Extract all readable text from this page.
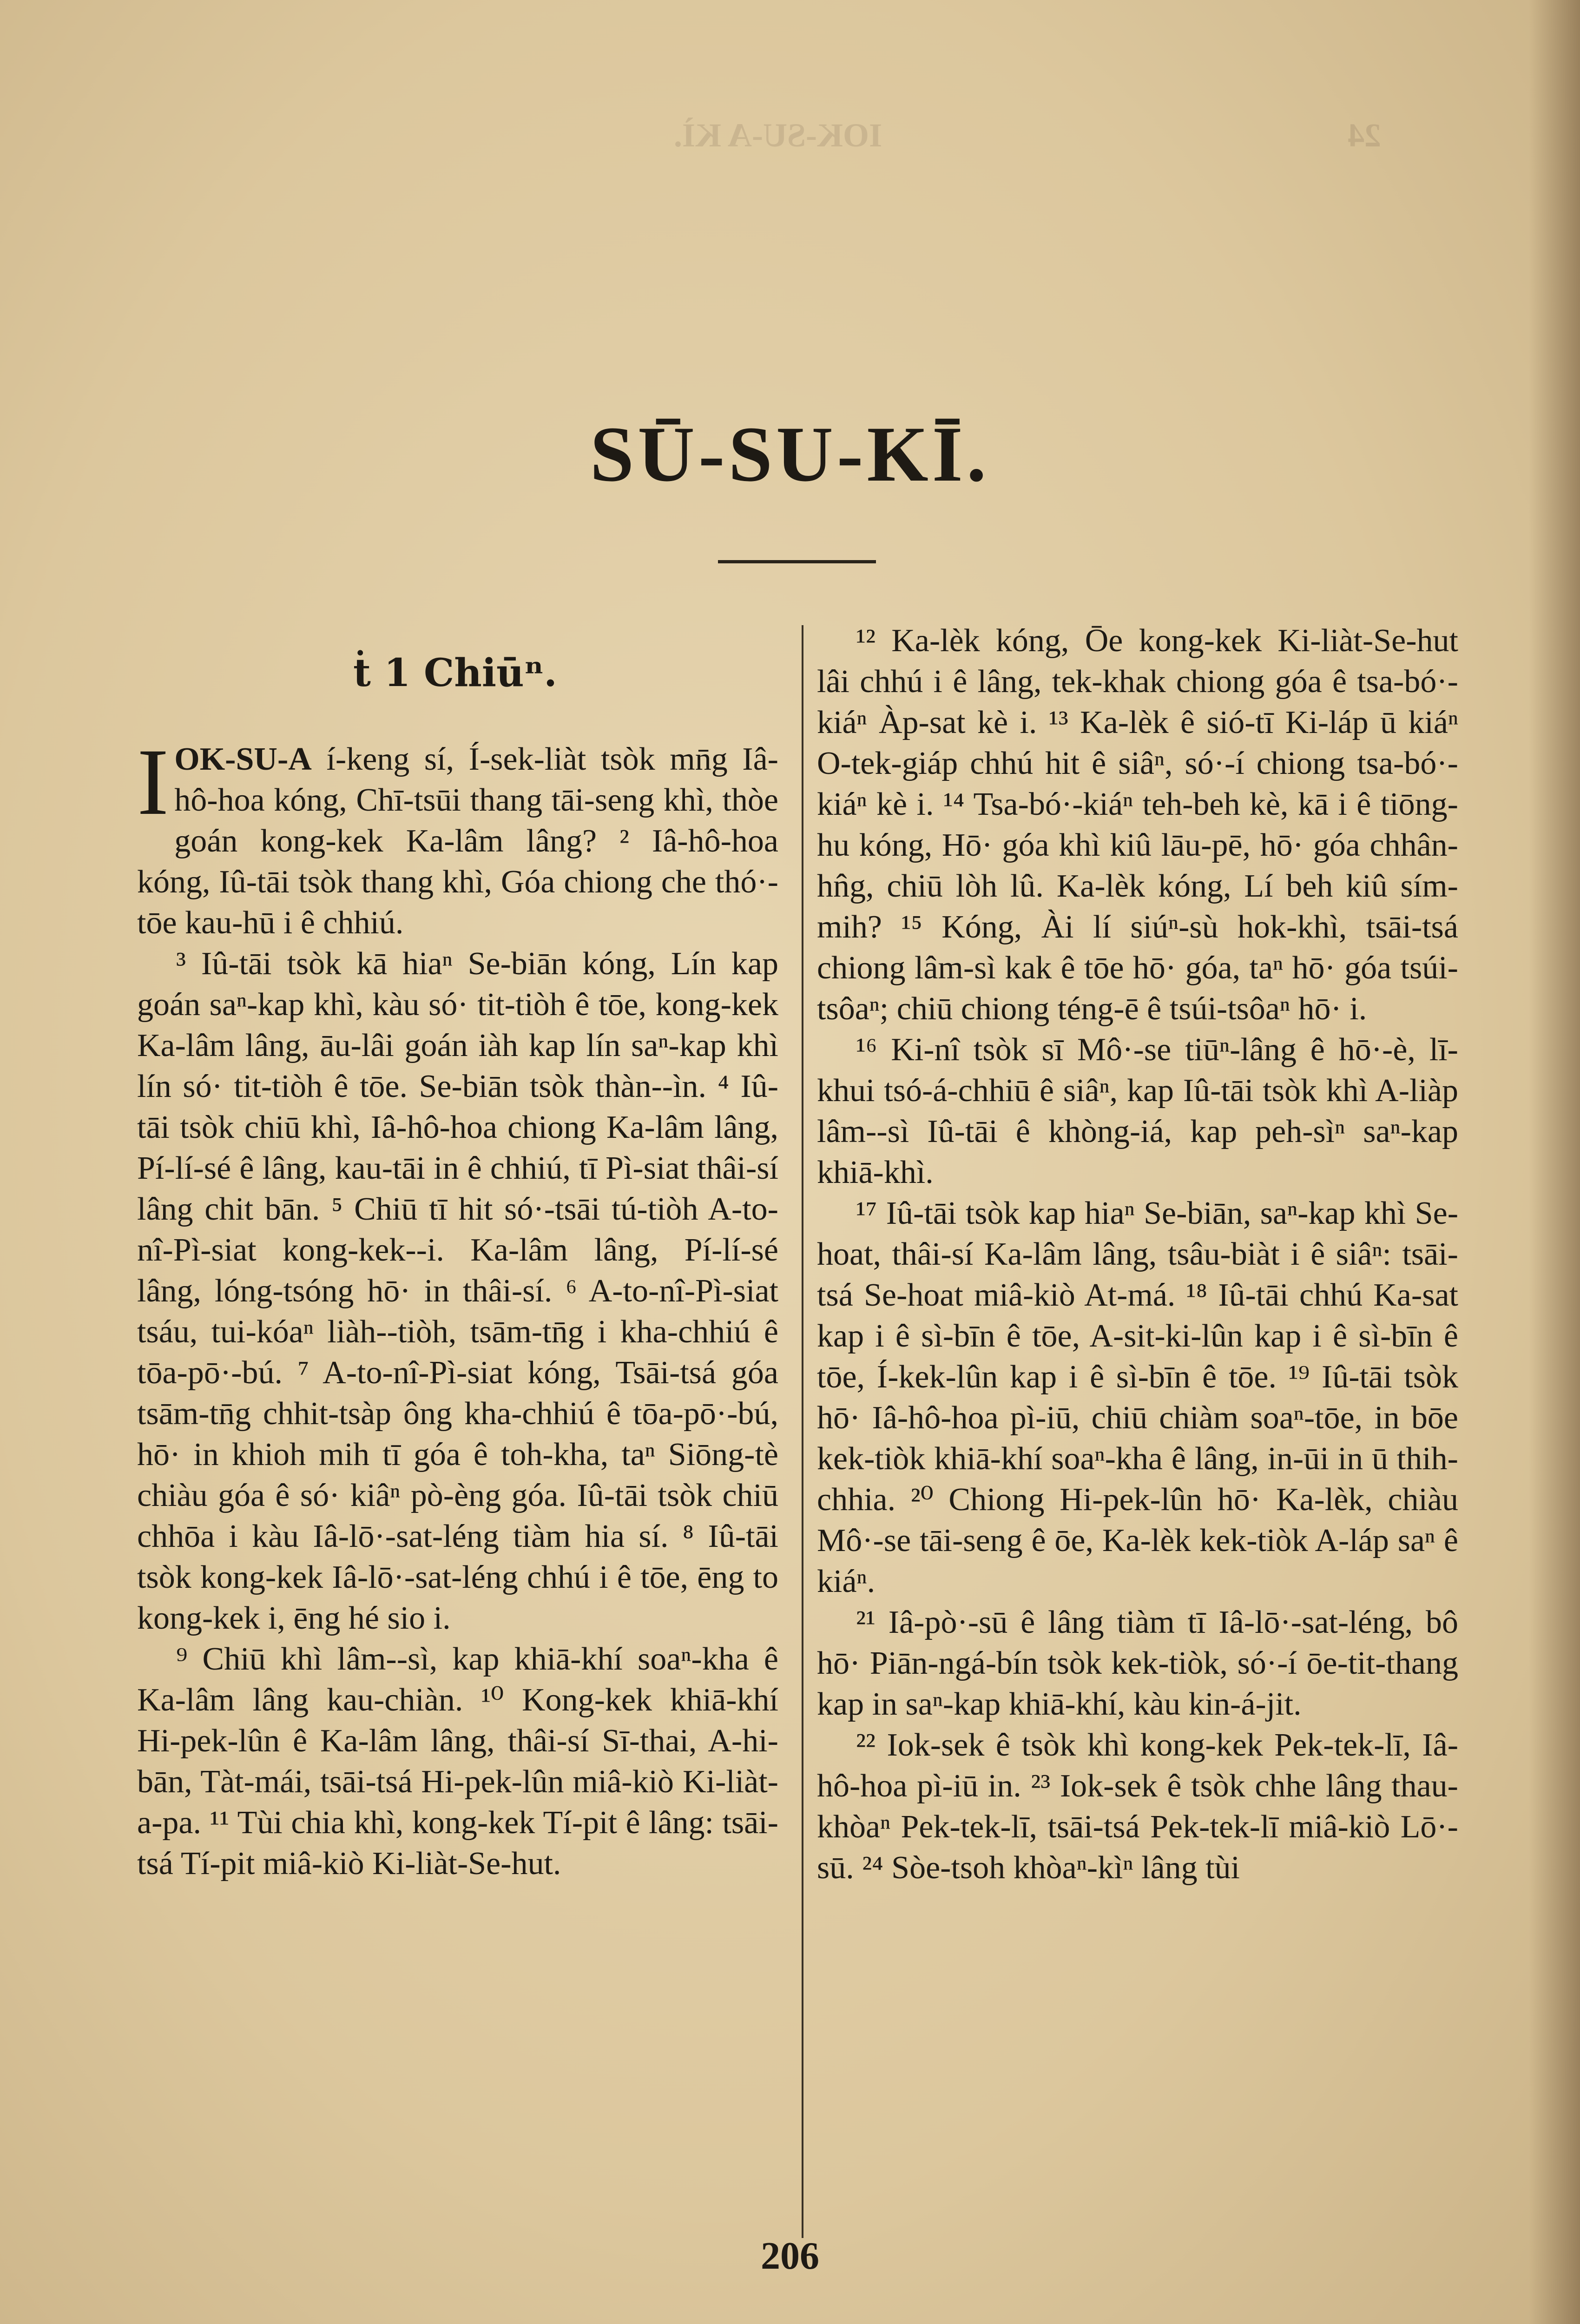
IOK-SU-A KÌ.	24
SŪ-SU-KĪ.
ṫ 1 Chiūⁿ.

IOK-SU-A í-keng sí, Í-sek-liàt tsòk mn̄g Iâ-hô-hoa kóng, Chī-tsūi thang tāi-seng khì, thòe goán kong-kek Ka-lâm lâng? ² Iâ-hô-hoa kóng, Iû-tāi tsòk thang khì, Góa chiong che thó·-tōe kau-hū i ê chhiú.

³ Iû-tāi tsòk kā hiaⁿ Se-biān kóng, Lín kap goán saⁿ-kap khì, kàu só· tit-tiòh ê tōe, kong-kek Ka-lâm lâng, āu-lâi goán iàh kap lín saⁿ-kap khì lín só· tit-tiòh ê tōe. Se-biān tsòk thàn--ìn. ⁴ Iû-tāi tsòk chiū khì, Iâ-hô-hoa chiong Ka-lâm lâng, Pí-lí-sé ê lâng, kau-tāi in ê chhiú, tī Pì-siat thâi-sí lâng chit bān. ⁵ Chiū tī hit só·-tsāi tú-tiòh A-to-nî-Pì-siat kong-kek--i. Ka-lâm lâng, Pí-lí-sé lâng, lóng-tsóng hō· in thâi-sí. ⁶ A-to-nî-Pì-siat tsáu, tui-kóaⁿ liàh--tiòh, tsām-tn̄g i kha-chhiú ê tōa-pō·-bú. ⁷ A-to-nî-Pì-siat kóng, Tsāi-tsá góa tsām-tn̄g chhit-tsàp ông kha-chhiú ê tōa-pō·-bú, hō· in khioh mih tī góa ê toh-kha, taⁿ Siōng-tè chiàu góa ê só· kiâⁿ pò-èng góa. Iû-tāi tsòk chiū chhōa i kàu Iâ-lō·-sat-léng tiàm hia sí. ⁸ Iû-tāi tsòk kong-kek Iâ-lō·-sat-léng chhú i ê tōe, ēng to kong-kek i, ēng hé sio i.

⁹ Chiū khì lâm--sì, kap khiā-khí soaⁿ-kha ê Ka-lâm lâng kau-chiàn. ¹⁰ Kong-kek khiā-khí Hi-pek-lûn ê Ka-lâm lâng, thâi-sí Sī-thai, A-hi-bān, Tàt-mái, tsāi-tsá Hi-pek-lûn miâ-kiò Ki-liàt-a-pa. ¹¹ Tùi chia khì, kong-kek Tí-pit ê lâng: tsāi-tsá Tí-pit miâ-kiò Ki-liàt-Se-hut.

¹² Ka-lèk kóng, Ōe kong-kek Ki-liàt-Se-hut lâi chhú i ê lâng, tek-khak chiong góa ê tsa-bó·-kiáⁿ Àp-sat kè i. ¹³ Ka-lèk ê sió-tī Ki-láp ū kiáⁿ O-tek-giáp chhú hit ê siâⁿ, só·-í chiong tsa-bó·-kiáⁿ kè i. ¹⁴ Tsa-bó·-kiáⁿ teh-beh kè, kā i ê tiōng-hu kóng, Hō· góa khì kiû lāu-pē, hō· góa chhân-hn̂g, chiū lòh lû. Ka-lèk kóng, Lí beh kiû sím-mih? ¹⁵ Kóng, Ài lí siúⁿ-sù hok-khì, tsāi-tsá chiong lâm-sì kak ê tōe hō· góa, taⁿ hō· góa tsúi-tsôaⁿ; chiū chiong téng-ē ê tsúi-tsôaⁿ hō· i.

¹⁶ Ki-nî tsòk sī Mô·-se tiūⁿ-lâng ê hō·-è, lī-khui tsó-á-chhiū ê siâⁿ, kap Iû-tāi tsòk khì A-liàp lâm--sì Iû-tāi ê khòng-iá, kap peh-sìⁿ saⁿ-kap khiā-khì.

¹⁷ Iû-tāi tsòk kap hiaⁿ Se-biān, saⁿ-kap khì Se-hoat, thâi-sí Ka-lâm lâng, tsâu-biàt i ê siâⁿ: tsāi-tsá Se-hoat miâ-kiò At-má. ¹⁸ Iû-tāi chhú Ka-sat kap i ê sì-bīn ê tōe, A-sit-ki-lûn kap i ê sì-bīn ê tōe, Í-kek-lûn kap i ê sì-bīn ê tōe. ¹⁹ Iû-tāi tsòk hō· Iâ-hô-hoa pì-iū, chiū chiàm soaⁿ-tōe, in bōe kek-tiòk khiā-khí soaⁿ-kha ê lâng, in-ūi in ū thih-chhia. ²⁰ Chiong Hi-pek-lûn hō· Ka-lèk, chiàu Mô·-se tāi-seng ê ōe, Ka-lèk kek-tiòk A-láp saⁿ ê kiáⁿ.

²¹ Iâ-pò·-sū ê lâng tiàm tī Iâ-lō·-sat-léng, bô hō· Piān-ngá-bín tsòk kek-tiòk, só·-í ōe-tit-thang kap in saⁿ-kap khiā-khí, kàu kin-á-jit.

²² Iok-sek ê tsòk khì kong-kek Pek-tek-lī, Iâ-hô-hoa pì-iū in. ²³ Iok-sek ê tsòk chhe lâng thau-khòaⁿ Pek-tek-lī, tsāi-tsá Pek-tek-lī miâ-kiò Lō·-sū. ²⁴ Sòe-tsoh khòaⁿ-kìⁿ lâng tùi

206
